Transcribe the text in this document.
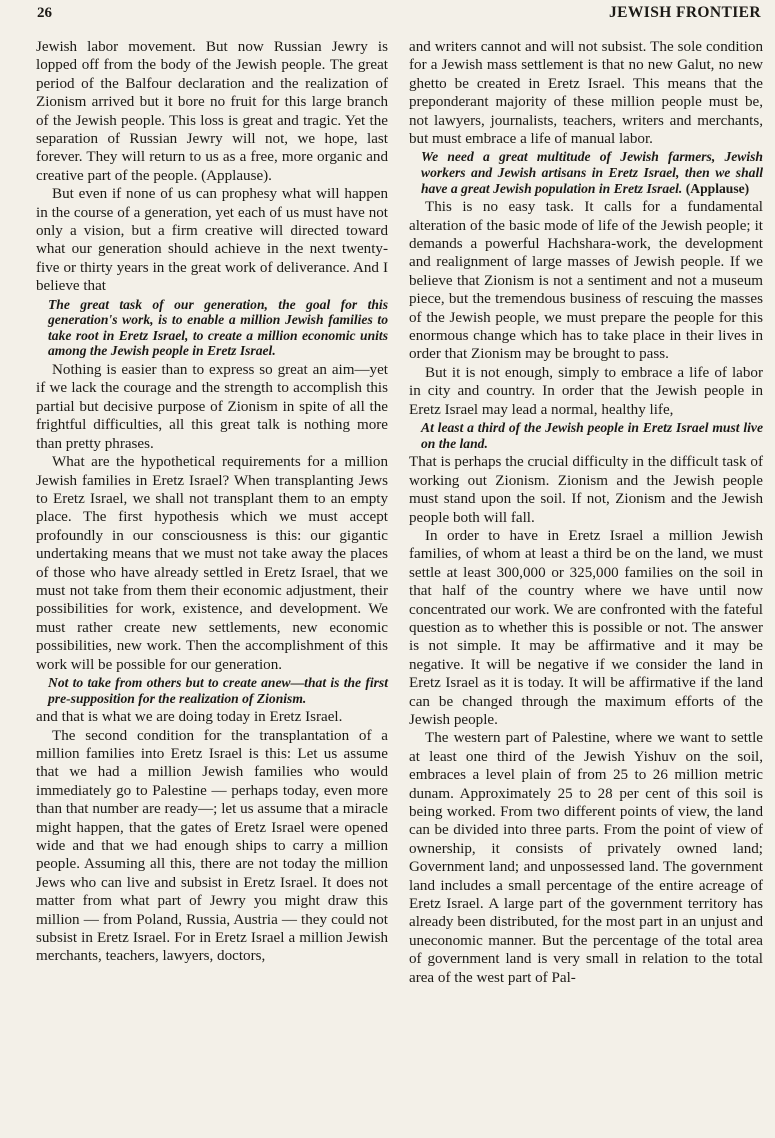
26	JEWISH FRONTIER

Jewish labor movement. But now Russian Jewry is lopped off from the body of the Jewish people. The great period of the Balfour declaration and the realization of Zionism arrived but it bore no fruit for this large branch of the Jewish people. This loss is great and tragic. Yet the separation of Russian Jewry will not, we hope, last forever. They will return to us as a free, more organic and creative part of the people. (Applause).

But even if none of us can prophesy what will happen in the course of a generation, yet each of us must have not only a vision, but a firm creative will directed toward what our generation should achieve in the next twenty-five or thirty years in the great work of deliverance. And I believe that

The great task of our generation, the goal for this generation's work, is to enable a million Jewish families to take root in Eretz Israel, to create a million economic units among the Jewish people in Eretz Israel.

Nothing is easier than to express so great an aim—yet if we lack the courage and the strength to accomplish this partial but decisive purpose of Zionism in spite of all the frightful difficulties, all this great talk is nothing more than pretty phrases.

What are the hypothetical requirements for a million Jewish families in Eretz Israel? When transplanting Jews to Eretz Israel, we shall not transplant them to an empty place. The first hypothesis which we must accept profoundly in our consciousness is this: our gigantic undertaking means that we must not take away the places of those who have already settled in Eretz Israel, that we must not take from them their economic adjustment, their possibilities for work, existence, and development. We must rather create new settlements, new economic possibilities, new work. Then the accomplishment of this work will be possible for our generation.

Not to take from others but to create anew—that is the first pre-supposition for the realization of Zionism.

and that is what we are doing today in Eretz Israel.

The second condition for the transplantation of a million families into Eretz Israel is this: Let us assume that we had a million Jewish families who would immediately go to Palestine — perhaps today, even more than that number are ready—; let us assume that a miracle might happen, that the gates of Eretz Israel were opened wide and that we had enough ships to carry a million people. Assuming all this, there are not today the million Jews who can live and subsist in Eretz Israel. It does not matter from what part of Jewry you might draw this million — from Poland, Russia, Austria — they could not subsist in Eretz Israel. For in Eretz Israel a million Jewish merchants, teachers, lawyers, doctors,

and writers cannot and will not subsist. The sole condition for a Jewish mass settlement is that no new Galut, no new ghetto be created in Eretz Israel. This means that the preponderant majority of these million people must be, not lawyers, journalists, teachers, writers and merchants, but must embrace a life of manual labor.

We need a great multitude of Jewish farmers, Jewish workers and Jewish artisans in Eretz Israel, then we shall have a great Jewish population in Eretz Israel. (Applause)

This is no easy task. It calls for a fundamental alteration of the basic mode of life of the Jewish people; it demands a powerful Hachshara-work, the development and realignment of large masses of Jewish people. If we believe that Zionism is not a sentiment and not a museum piece, but the tremendous business of rescuing the masses of the Jewish people, we must prepare the people for this enormous change which has to take place in their lives in order that Zionism may be brought to pass.

But it is not enough, simply to embrace a life of labor in city and country. In order that the Jewish people in Eretz Israel may lead a normal, healthy life,

At least a third of the Jewish people in Eretz Israel must live on the land.

That is perhaps the crucial difficulty in the difficult task of working out Zionism. Zionism and the Jewish people must stand upon the soil. If not, Zionism and the Jewish people both will fall.

In order to have in Eretz Israel a million Jewish families, of whom at least a third be on the land, we must settle at least 300,000 or 325,000 families on the soil in that half of the country where we have until now concentrated our work. We are confronted with the fateful question as to whether this is possible or not. The answer is not simple. It may be affirmative and it may be negative. It will be negative if we consider the land in Eretz Israel as it is today. It will be affirmative if the land can be changed through the maximum efforts of the Jewish people.

The western part of Palestine, where we want to settle at least one third of the Jewish Yishuv on the soil, embraces a level plain of from 25 to 26 million metric dunam. Approximately 25 to 28 per cent of this soil is being worked. From two different points of view, the land can be divided into three parts. From the point of view of ownership, it consists of privately owned land; Government land; and unpossessed land. The government land includes a small percentage of the entire acreage of Eretz Israel. A large part of the government territory has already been distributed, for the most part in an unjust and uneconomic manner. But the percentage of the total area of government land is very small in relation to the total area of the west part of Pal-
